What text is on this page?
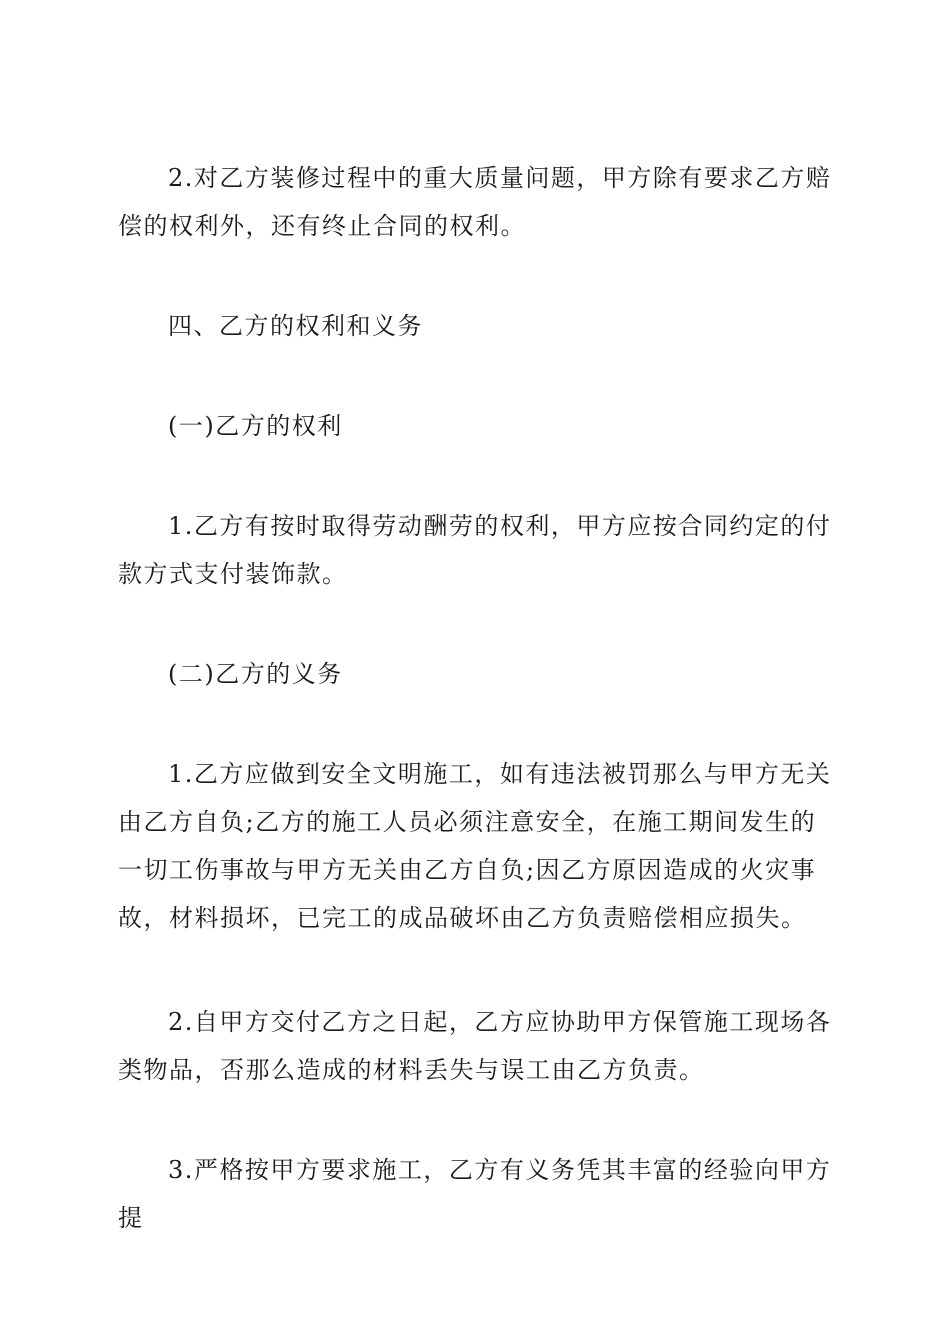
2.对乙方装修过程中的重大质量问题，甲方除有要求乙方赔偿的权利外，还有终止合同的权利。

四、乙方的权利和义务

(一)乙方的权利

1.乙方有按时取得劳动酬劳的权利，甲方应按合同约定的付款方式支付装饰款。

(二)乙方的义务

1.乙方应做到安全文明施工，如有违法被罚那么与甲方无关由乙方自负;乙方的施工人员必须注意安全，在施工期间发生的一切工伤事故与甲方无关由乙方自负;因乙方原因造成的火灾事故，材料损坏，已完工的成品破坏由乙方负责赔偿相应损失。

2.自甲方交付乙方之日起，乙方应协助甲方保管施工现场各类物品，否那么造成的材料丢失与误工由乙方负责。

3.严格按甲方要求施工，乙方有义务凭其丰富的经验向甲方提
